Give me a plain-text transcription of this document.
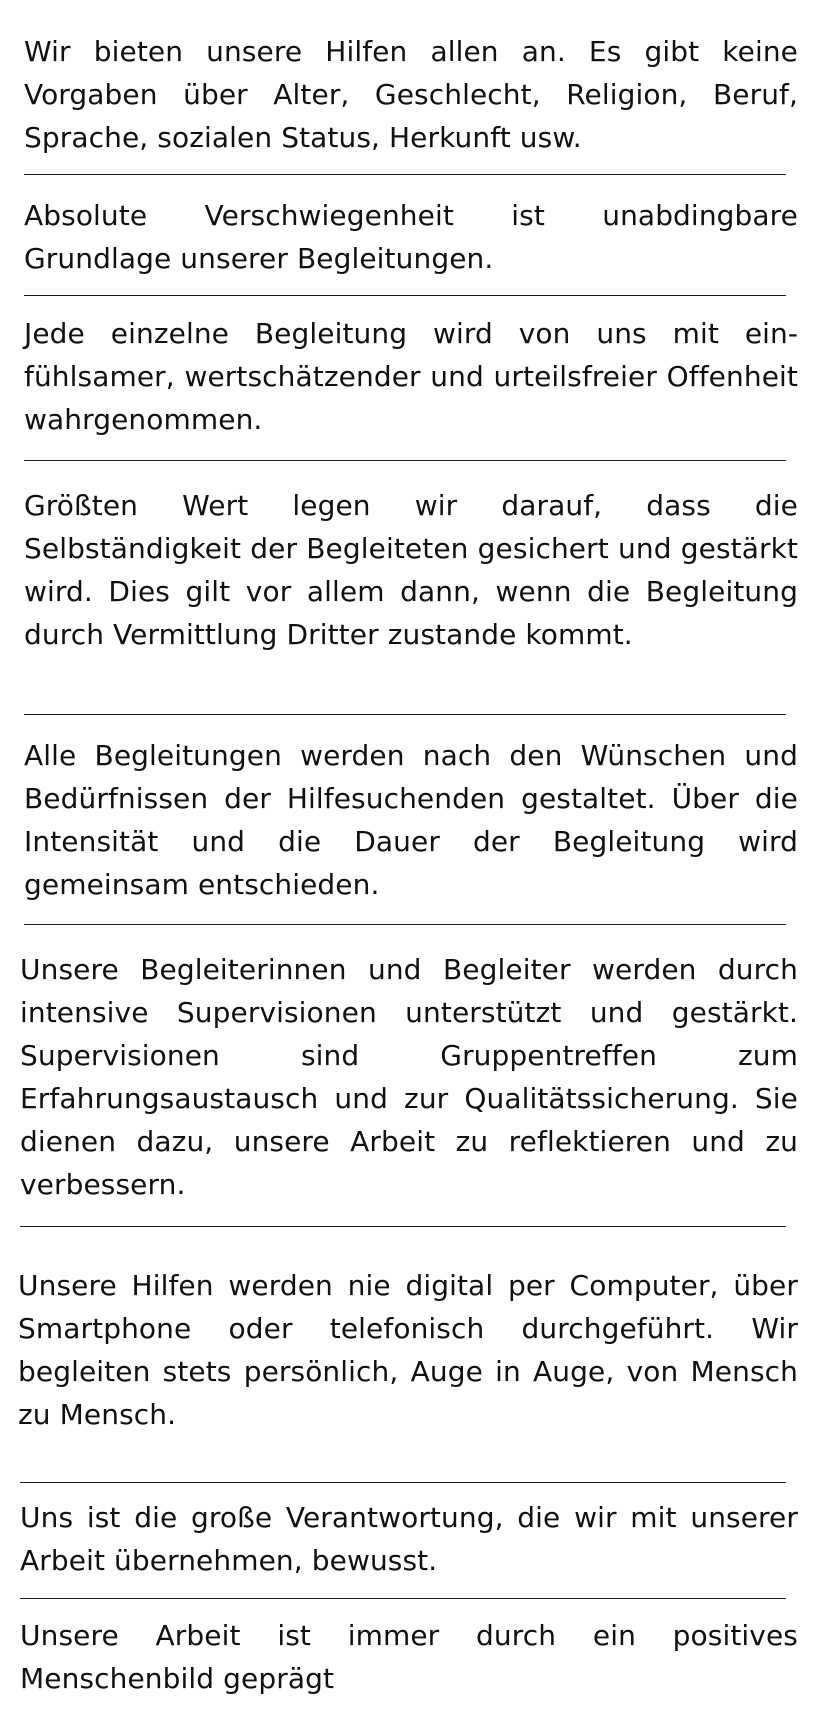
Wir bieten unsere Hilfen allen an. Es gibt keine Vorgaben über Alter, Geschlecht, Religion, Beruf, Sprache, sozialen Status, Herkunft usw.

Absolute Verschwiegenheit ist unabdingbare Grundlage unserer Begleitungen.

Jede einzelne Begleitung wird von uns mit einfühlsamer, wertschätzender und urteilsfreier Offenheit wahrgenommen.

Größten Wert legen wir darauf, dass die Selbständigkeit der Begleiteten gesichert und gestärkt wird. Dies gilt vor allem dann, wenn die Begleitung durch Vermittlung Dritter zustande kommt.

Alle Begleitungen werden nach den Wünschen und Bedürfnissen der Hilfesuchenden gestaltet. Über die Intensität und die Dauer der Begleitung wird gemeinsam entschieden.

Unsere Begleiterinnen und Begleiter werden durch intensive Supervisionen unterstützt und gestärkt. Supervisionen sind Gruppentreffen zum Erfahrungsaustausch und zur Qualitätssicherung. Sie dienen dazu, unsere Arbeit zu reflektieren und zu verbessern.

Unsere Hilfen werden nie digital per Computer, über Smartphone oder telefonisch durchgeführt. Wir begleiten stets persönlich, Auge in Auge, von Mensch zu Mensch.

Uns ist die große Verantwortung, die wir mit unserer Arbeit übernehmen, bewusst.

Unsere Arbeit ist immer durch ein positives Menschenbild geprägt
